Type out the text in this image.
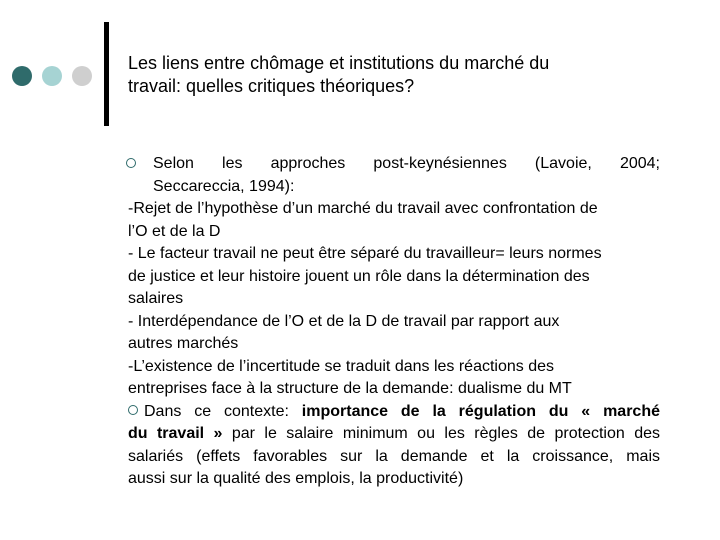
Les liens entre chômage et institutions du marché du
travail: quelles critiques théoriques?
Selon les approches post-keynésiennes (Lavoie, 2004;
Seccareccia, 1994):
-Rejet de l’hypothèse d’un marché du travail avec confrontation de
l’O et de la D
- Le facteur travail ne peut être séparé du travailleur= leurs normes
de justice et leur histoire jouent un rôle dans la détermination des
salaires
- Interdépendance de l’O et de la D de travail par rapport aux
autres marchés
-L’existence de l’incertitude se traduit dans les réactions des
entreprises face à la structure de la demande: dualisme du MT
Dans ce contexte: importance de la régulation du « marché
du travail » par le salaire minimum ou les règles de protection des
salariés (effets favorables sur la demande et la croissance, mais
aussi sur la qualité des emplois, la productivité)
